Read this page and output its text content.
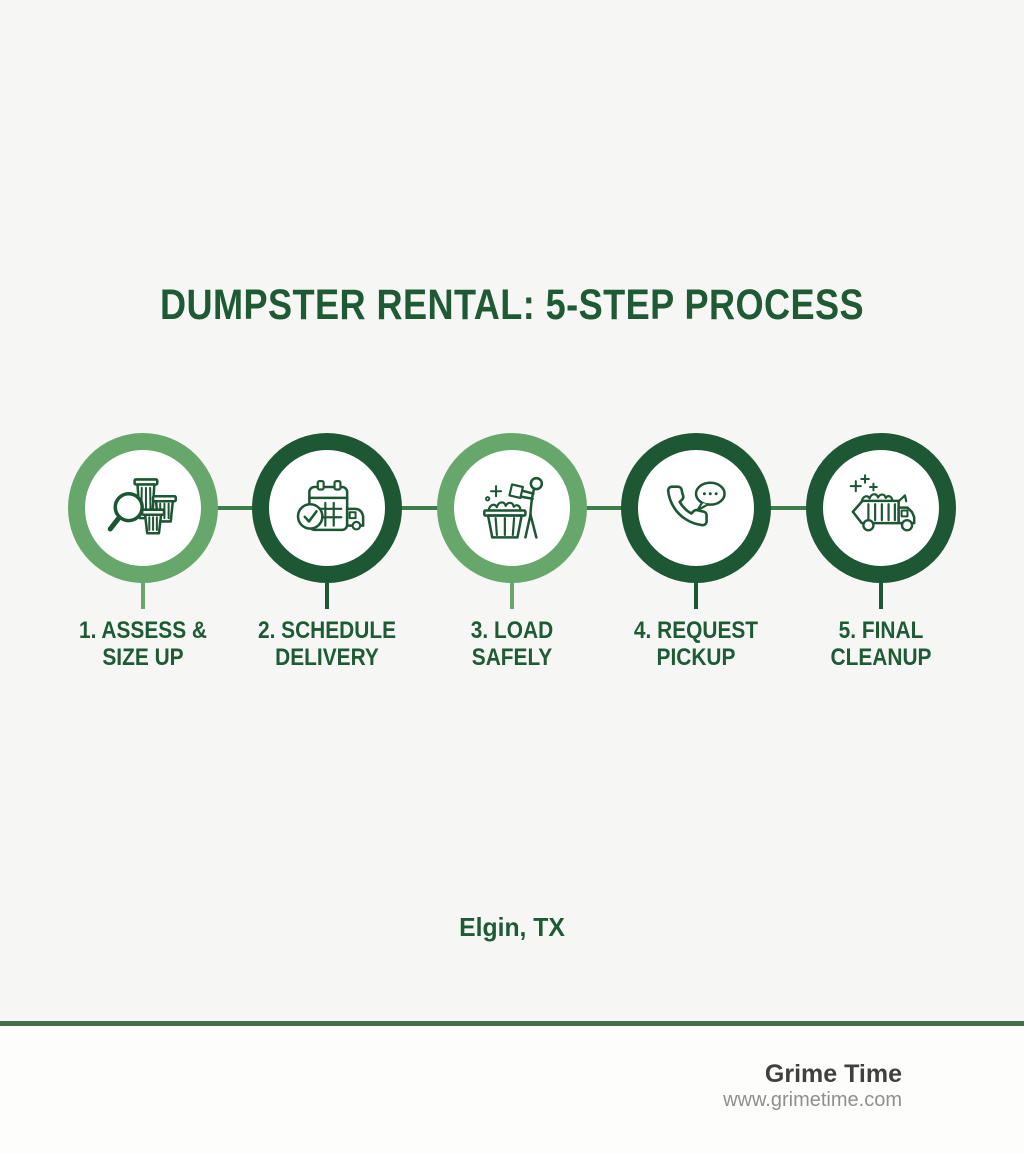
DUMPSTER RENTAL: 5-STEP PROCESS
1. ASSESS &
SIZE UP
2. SCHEDULE
DELIVERY
3. LOAD
SAFELY
4. REQUEST
PICKUP
5. FINAL
CLEANUP
Elgin, TX
Grime Time
www.grimetime.com
